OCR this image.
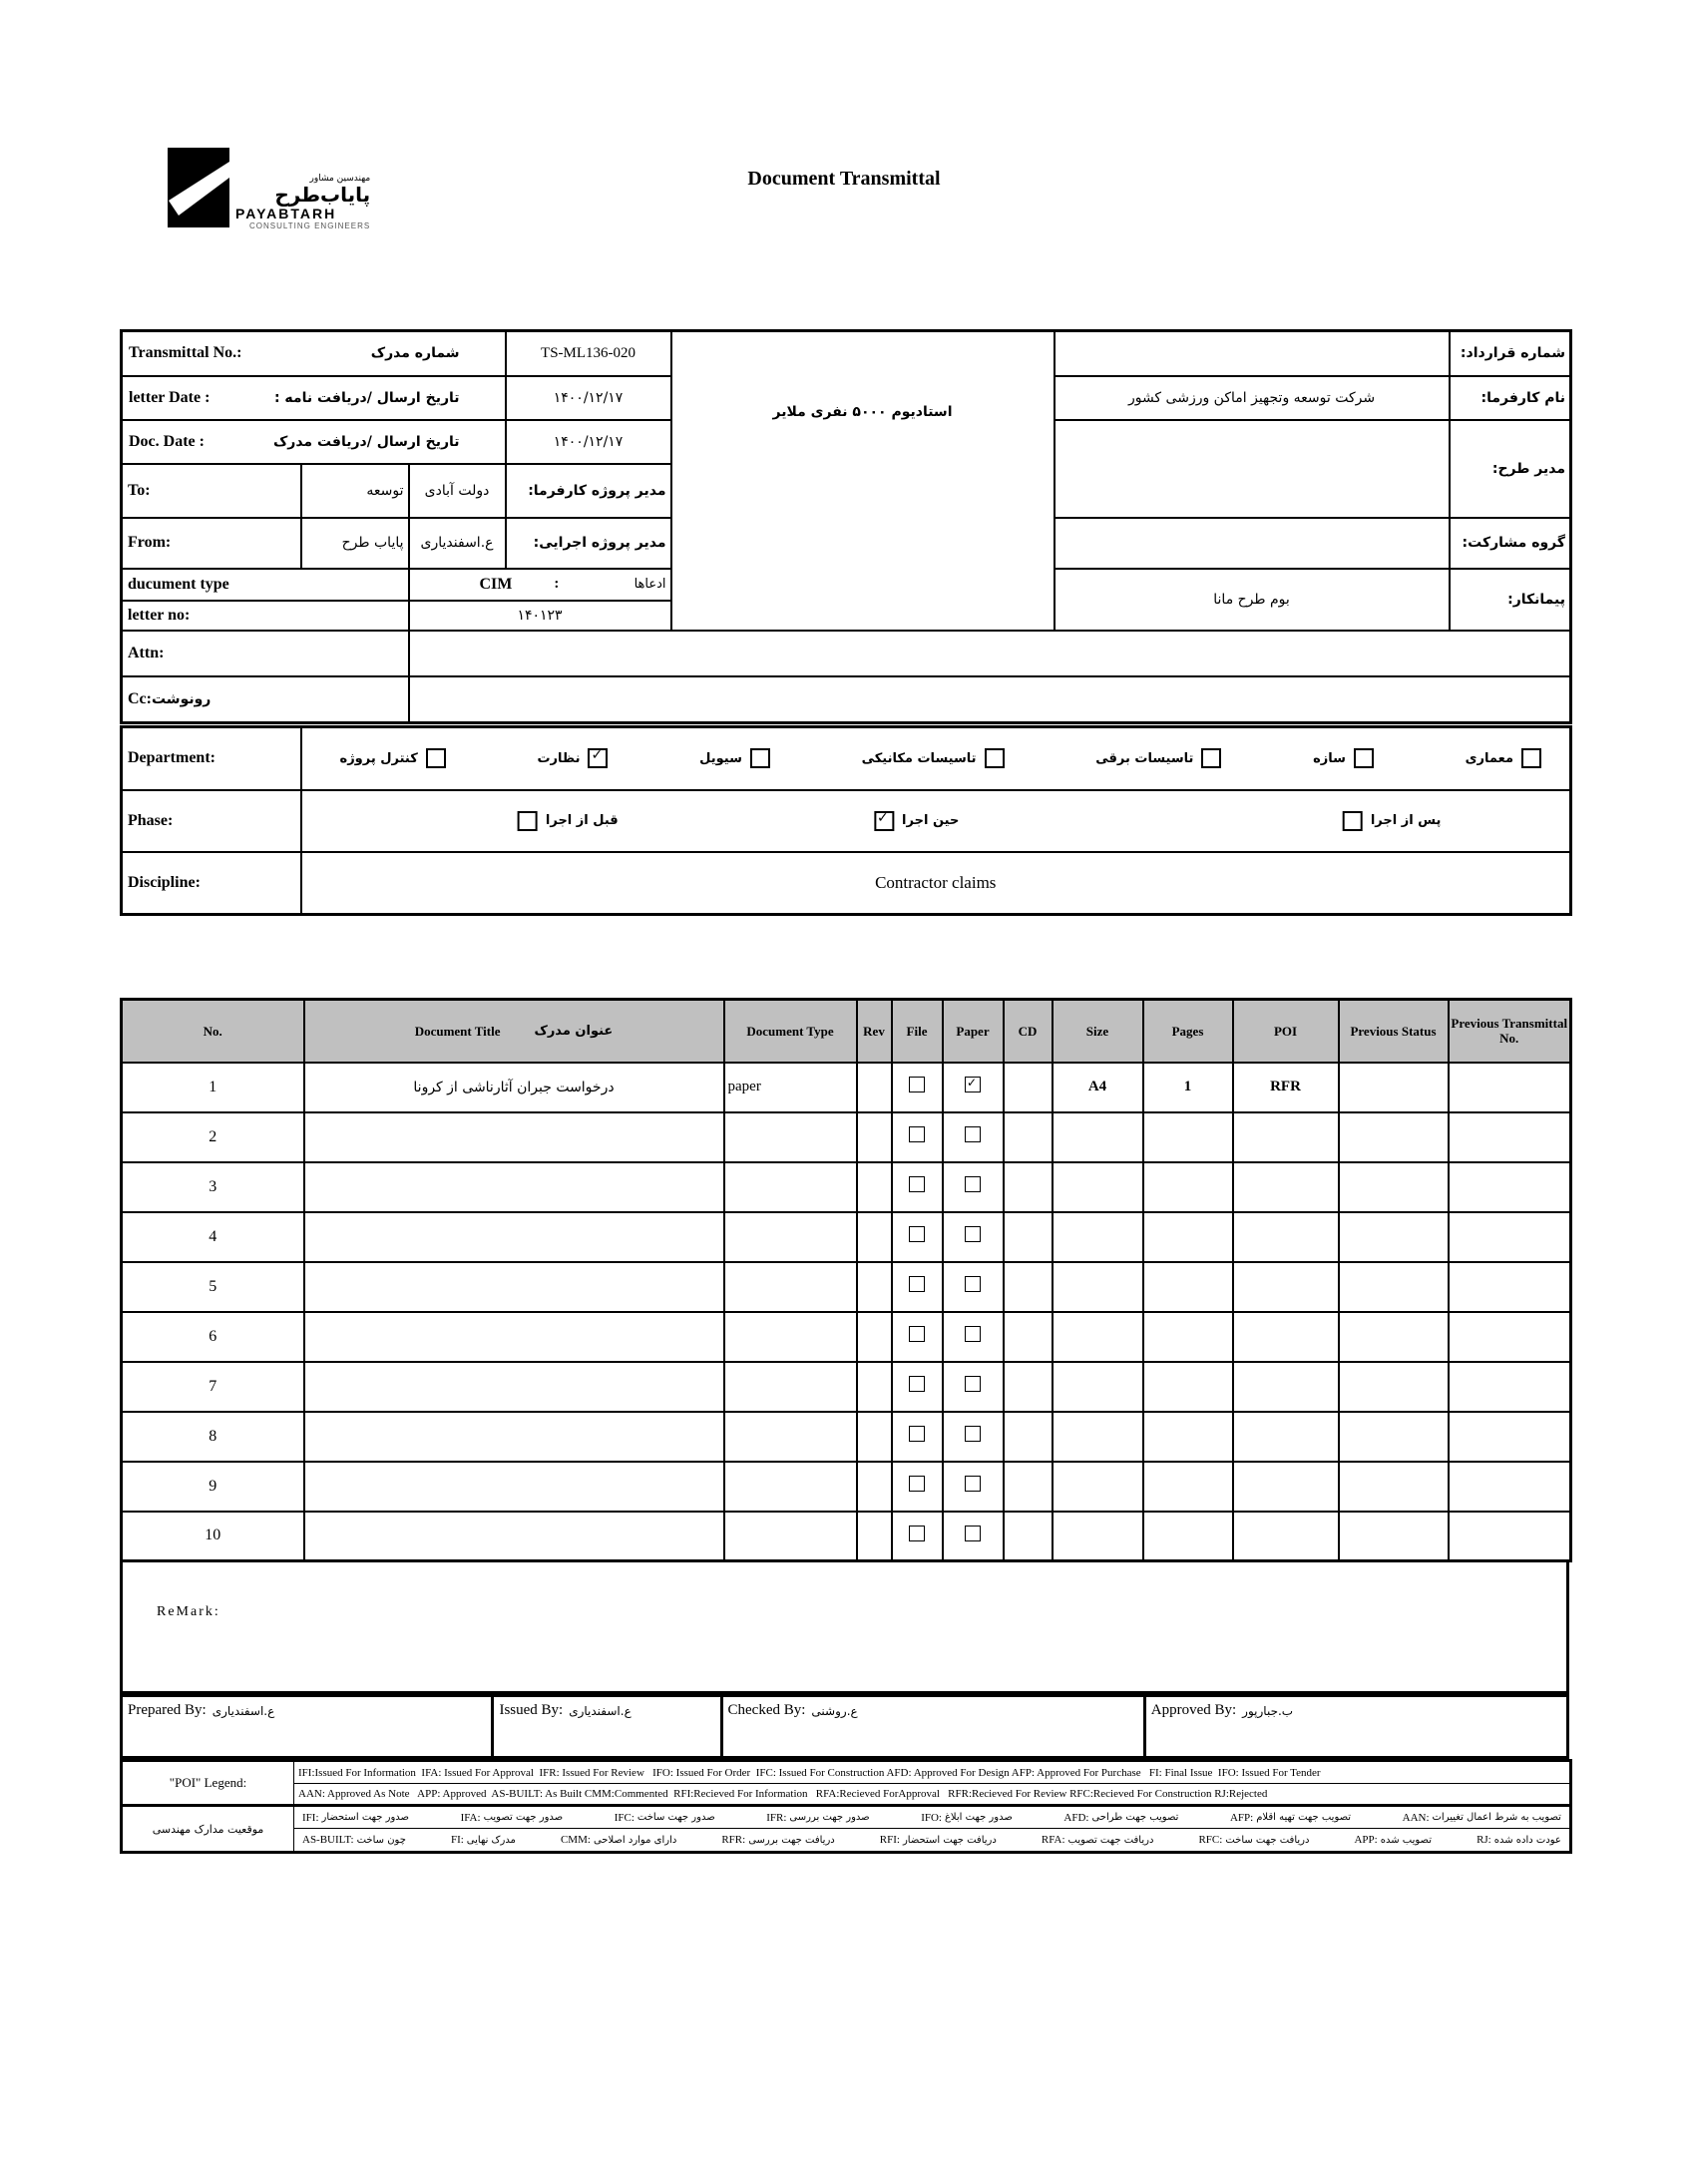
مهندسین مشاور
پایاب‌طرح
PAYABTARH
CONSULTING ENGINEERS
Document Transmittal
Transmittal No.: شماره مدرک			TS-ML136-020	استادیوم ۵۰۰۰ نفری ملایر		شماره قرارداد:

letter Date : تاریخ ارسال /دریافت نامه :			۱۴۰۰/۱۲/۱۷		شرکت توسعه وتجهیز اماکن ورزشی کشور	نام کارفرما:

Doc. Date : تاریخ ارسال /دریافت مدرک			۱۴۰۰/۱۲/۱۷			مدیر طرح:
To:	توسعه	دولت آبادی	مدیر پروژه کارفرما:			
From:	پایاب طرح	ع.اسفندیاری	مدیر پروژه اجرایی:			گروه مشارکت:
ducument type		CIM : ادعاها			بوم طرح مانا	پیمانکار:
letter no:		۱۴۰۱۲۳				
Attn:						

Cc: رونوشت						

Department:	معماری
سازه
تاسیسات برقی
تاسیسات مکانیکی
سیویل
✓
نظارت
کنترل پروژه

Phase:	قبل از اجرا ✓ حین اجرا پس از اجرا

Discipline:	Contractor claims
No.	Document Title عنوان مدرک	Document Type	Rev	File	Paper	CD	Size	Pages	POI	Previous Status	Previous Transmittal No.
1	درخواست جبران آثارناشی از کرونا	paper			✓		A4	1	RFR		
2											
3											
4											
5											
6											
7											
8											
9											
10											
ReMark:
Prepared By: ع.اسفندیاری	Issued By: ع.اسفندیاری	Checked By: ع.روشنی	Approved By: ب.جبارپور
"POI" Legend:	IFI:Issued For Information  IFA: Issued For Approval  IFR: Issued For Review   IFO: Issued For Order  IFC: Issued For Construction AFD: Approved For Design AFP: Approved For Purchase   FI: Final Issue  IFO: Issued For Tender
	AAN: Approved As Note   APP: Approved  AS-BUILT: As Built CMM:Commented  RFI:Recieved For Information   RFA:Recieved ForApproval   RFR:Recieved For Review RFC:Recieved For Construction RJ:Rejected
موقعیت مدارک مهندسی	
IFI: صدور جهت استحضار	IFA: صدور جهت تصویب	IFC: صدور جهت ساخت	IFR: صدور جهت بررسی	IFO: صدور جهت ابلاغ	AFD: تصویب جهت طراحی	AFP: تصویب جهت تهیه اقلام	AAN: تصویب به شرط اعمال تغییرات

AS-BUILT: چون ساخت	FI: مدرک نهایی	CMM: دارای موارد اصلاحی	RFR: دریافت جهت بررسی	RFI: دریافت جهت استحضار	RFA: دریافت جهت تصویب	RFC: دریافت جهت ساخت	APP: تصویب شده	RJ: عودت داده شده
